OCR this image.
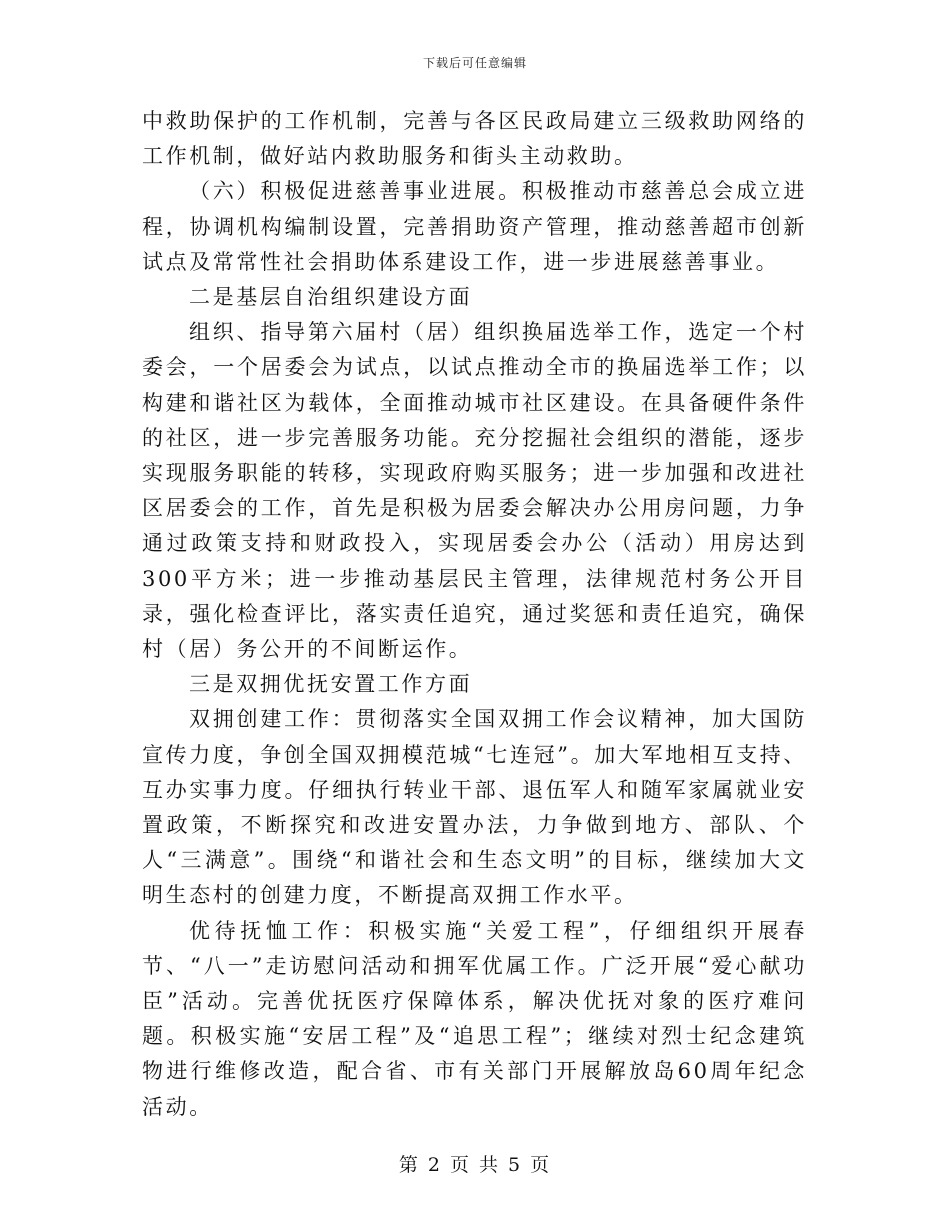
下载后可任意编辑

中救助保护的工作机制，完善与各区民政局建立三级救助网络的工作机制，做好站内救助服务和街头主动救助。

（六）积极促进慈善事业进展。积极推动市慈善总会成立进程，协调机构编制设置，完善捐助资产管理，推动慈善超市创新试点及常常性社会捐助体系建设工作，进一步进展慈善事业。

二是基层自治组织建设方面

组织、指导第六届村（居）组织换届选举工作，选定一个村委会，一个居委会为试点，以试点推动全市的换届选举工作；以构建和谐社区为载体，全面推动城市社区建设。在具备硬件条件的社区，进一步完善服务功能。充分挖掘社会组织的潜能，逐步实现服务职能的转移，实现政府购买服务；进一步加强和改进社区居委会的工作，首先是积极为居委会解决办公用房问题，力争通过政策支持和财政投入，实现居委会办公（活动）用房达到300平方米；进一步推动基层民主管理，法律规范村务公开目录，强化检查评比，落实责任追究，通过奖惩和责任追究，确保村（居）务公开的不间断运作。

三是双拥优抚安置工作方面

双拥创建工作：贯彻落实全国双拥工作会议精神，加大国防宣传力度，争创全国双拥模范城“七连冠”。加大军地相互支持、互办实事力度。仔细执行转业干部、退伍军人和随军家属就业安置政策，不断探究和改进安置办法，力争做到地方、部队、个人“三满意”。围绕“和谐社会和生态文明”的目标，继续加大文明生态村的创建力度，不断提高双拥工作水平。

优待抚恤工作：积极实施“关爱工程”，仔细组织开展春节、“八一”走访慰问活动和拥军优属工作。广泛开展“爱心献功臣”活动。完善优抚医疗保障体系，解决优抚对象的医疗难问题。积极实施“安居工程”及“追思工程”；继续对烈士纪念建筑物进行维修改造，配合省、市有关部门开展解放岛60周年纪念活动。

第 2 页 共 5 页
